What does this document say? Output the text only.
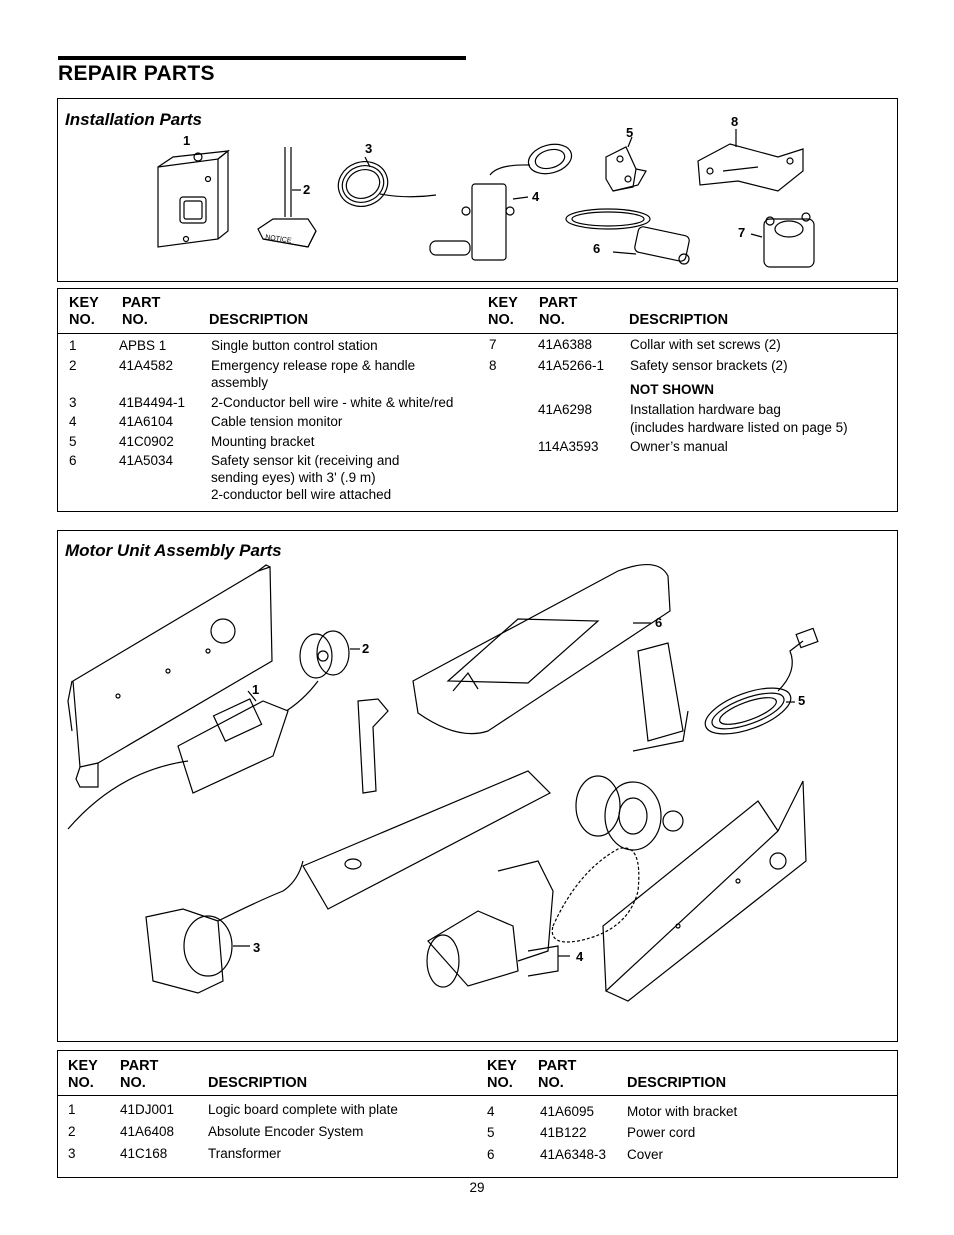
REPAIR PARTS
Installation Parts
NOTICE
1
2
3
4
5
6
7
8
KEY
NO.
PART
NO.	DESCRIPTION
KEY
NO.
PART
NO.	DESCRIPTION
1	APBS 1	Single button control station
2	41A4582	Emergency release rope & handle
assembly
3	41B4494-1 2-Conductor bell wire - white & white/red
4	41A6104	Cable tension monitor
5	41C0902	Mounting bracket
6	41A5034	Safety sensor kit (receiving and
sending eyes) with 3' (.9 m)
2-conductor bell wire attached
7	41A6388	Collar with set screws (2)
8	41A5266-1 Safety sensor brackets (2)
NOT SHOWN
41A6298	Installation hardware bag
(includes hardware listed on page 5)
114A3593 Owner’s manual
Motor Unit Assembly Parts
1
2
3
4
5
6
KEY
NO.
PART
NO.	DESCRIPTION
KEY
NO.
PART
NO.	DESCRIPTION
1	41DJ001	Logic board complete with plate
2	41A6408	Absolute Encoder System
3	41C168	Transformer
4	41A6095 Motor with bracket
5	41B122	Power cord
6	41A6348-3 Cover
29
